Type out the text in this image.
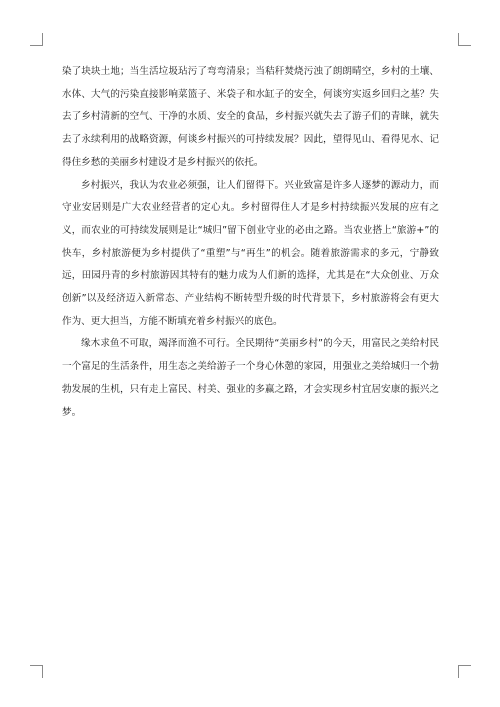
染了块块土地；当生活垃圾玷污了弯弯清泉；当秸秆焚烧污浊了朗朗晴空，乡村的土壤、水体、大气的污染直接影响菜篮子、米袋子和水缸子的安全，何谈穷实返乡回归之基？失去了乡村清新的空气、干净的水质、安全的食品，乡村振兴就失去了游子们的青睐，就失去了永续利用的战略资源，何谈乡村振兴的可持续发展？因此，望得见山、看得见水、记得住乡愁的美丽乡村建设才是乡村振兴的依托。

乡村振兴，我认为农业必须强，让人们留得下。兴业致富是许多人逐梦的源动力，而守业安居则是广大农业经营者的定心丸。乡村留得住人才是乡村持续振兴发展的应有之义，而农业的可持续发展则是让“城归”留下创业守业的必由之路。当农业搭上“旅游+”的快车，乡村旅游便为乡村提供了“重塑”与“再生”的机会。随着旅游需求的多元，宁静致远，田园丹青的乡村旅游因其特有的魅力成为人们新的选择，尤其是在“大众创业、万众创新”以及经济迈入新常态、产业结构不断转型升级的时代背景下，乡村旅游将会有更大作为、更大担当，方能不断填充着乡村振兴的底色。

缘木求鱼不可取，竭泽而渔不可行。全民期待“美丽乡村”的今天，用富民之美给村民一个富足的生活条件，用生态之美给游子一个身心休憩的家园，用强业之美给城归一个勃勃发展的生机，只有走上富民、村美、强业的多赢之路，才会实现乡村宜居安康的振兴之梦。
